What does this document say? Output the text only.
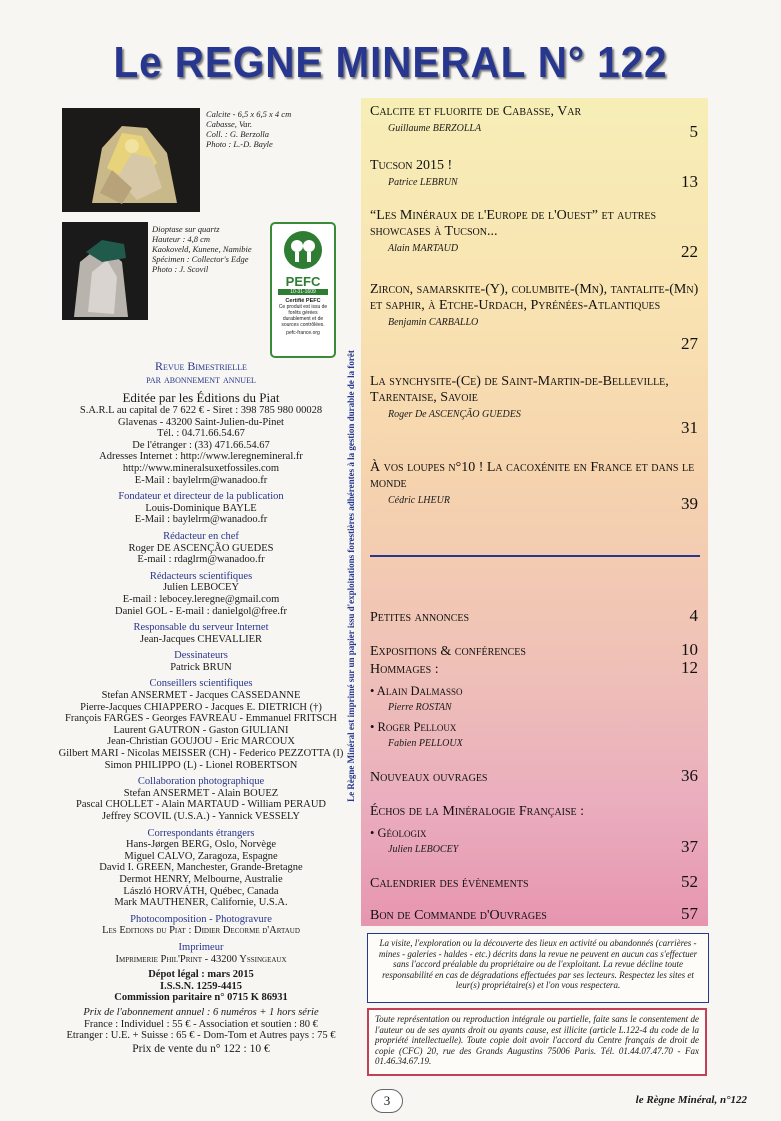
Le REGNE MINERAL N° 122
Calcite - 6,5 x 6,5 x 4 cm
Cabasse, Var.
Coll. : G. Berzolla
Photo : L.-D. Bayle
Dioptase sur quartz
Hauteur : 4,8 cm
Kaokoveld, Kunene, Namibie
Spécimen : Collector's Edge
Photo : J. Scovil
PEFC
10-31-1609
Certifié PEFC
Ce produit est issu de forêts gérées durablement et de sources contrôlées.
pefc-france.org
Revue Bimestrielle
par abonnement annuel
Editée par les Éditions du Piat

S.A.R.L au capital de 7 622 € - Siret : 398 785 980 00028

Glavenas - 43200 Saint-Julien-du-Pinet

Tél. : 04.71.66.54.67

De l'étranger : (33) 471.66.54.67

Adresses Internet : http://www.leregnemineral.fr

http://www.mineralsuxetfossiles.com

E-Mail : baylelrm@wanadoo.fr

Fondateur et directeur de la publication

Louis-Dominique BAYLE

E-Mail : baylelrm@wanadoo.fr

Rédacteur en chef

Roger DE ASCENÇÃO GUEDES

E-mail : rdaglrm@wanadoo.fr

Rédacteurs scientifiques

Julien LEBOCEY

E-mail : lebocey.leregne@gmail.com

Daniel GOL - E-mail : danielgol@free.fr

Responsable du serveur Internet

Jean-Jacques CHEVALLIER

Dessinateurs

Patrick BRUN

Conseillers scientifiques

Stefan ANSERMET - Jacques CASSEDANNE

Pierre-Jacques CHIAPPERO - Jacques E. DIETRICH (†)

François FARGES - Georges FAVREAU - Emmanuel FRITSCH

Laurent GAUTRON - Gaston GIULIANI

Jean-Christian GOUJOU - Eric MARCOUX

Gilbert MARI - Nicolas MEISSER (CH) - Federico PEZZOTTA (I)

Simon PHILIPPO (L) - Lionel ROBERTSON

Collaboration photographique

Stefan ANSERMET - Alain BOUEZ

Pascal CHOLLET - Alain MARTAUD - William PERAUD

Jeffrey SCOVIL (U.S.A.) - Yannick VESSELY

Correspondants étrangers

Hans-Jørgen BERG, Oslo, Norvège

Miguel CALVO, Zaragoza, Espagne

David I. GREEN, Manchester, Grande-Bretagne

Dermot HENRY, Melbourne, Australie

László HORVÁTH, Québec, Canada

Mark MAUTHENER, Californie, U.S.A.

Photocomposition - Photogravure

Les Editions du Piat : Didier Decorme d'Artaud

Imprimeur

Imprimerie Phil'Print - 43200 Yssingeaux

Dépot légal : mars 2015

I.S.S.N. 1259-4415

Commission paritaire n° 0715 K 86931

Prix de l'abonnement annuel : 6 numéros + 1 hors série

France : Individuel : 55 € - Association et soutien : 80 €

Etranger : U.E. + Suisse : 65 € - Dom-Tom et Autres pays : 75 €

Prix de vente du n° 122 : 10 €

Le Règne Minéral est imprimé sur un papier issu d'exploitations forestières adhérentes à la gestion durable de la forêt
Calcite et fluorite de Cabasse, Var
Guillaume BERZOLLA	5
Tucson 2015 !
Patrice LEBRUN	13
“Les Minéraux de l'Europe de l'Ouest” et autres showcases à Tucson...
Alain MARTAUD	22
Zircon, samarskite-(Y), columbite-(Mn), tantalite-(Mn) et saphir, à Etche-Urdach, Pyrénées-Atlantiques
Benjamin CARBALLO
27
La synchysite-(Ce) de Saint-Martin-de-Belleville, Tarentaise, Savoie
Roger De ASCENÇÃO GUEDES
31
À vos loupes n°10 ! La cacoxénite en France et dans le monde
Cédric LHEUR	39
Petites annonces	4
Expositions & conférences	10
Hommages :	12
• Alain Dalmasso
Pierre ROSTAN
• Roger Pelloux
Fabien PELLOUX
Nouveaux ouvrages	36
Échos de la Minéralogie Française :
• Géologix
Julien LEBOCEY	37
Calendrier des évènements	52
Bon de Commande d'Ouvrages	57
La visite, l'exploration ou la découverte des lieux en activité ou abandonnés (carrières - mines - galeries - haldes - etc.) décrits dans la revue ne peuvent en aucun cas s'effectuer sans l'accord préalable du propriétaire ou de l'exploitant. La revue décline toute responsabilité en cas de dégradations effectuées par ses lecteurs. Respectez les sites et leur(s) propriétaire(s) et l'on vous respectera.
Toute représentation ou reproduction intégrale ou partielle, faite sans le consentement de l'auteur ou de ses ayants droit ou ayants cause, est illicite (article L.122-4 du code de la propriété intellectuelle). Toute copie doit avoir l'accord du Centre français de droit de copie (CFC) 20, rue des Grands Augustins 75006 Paris. Tél. 01.44.07.47.70 - Fax 01.46.34.67.19.
3	le Règne Minéral, n°122
